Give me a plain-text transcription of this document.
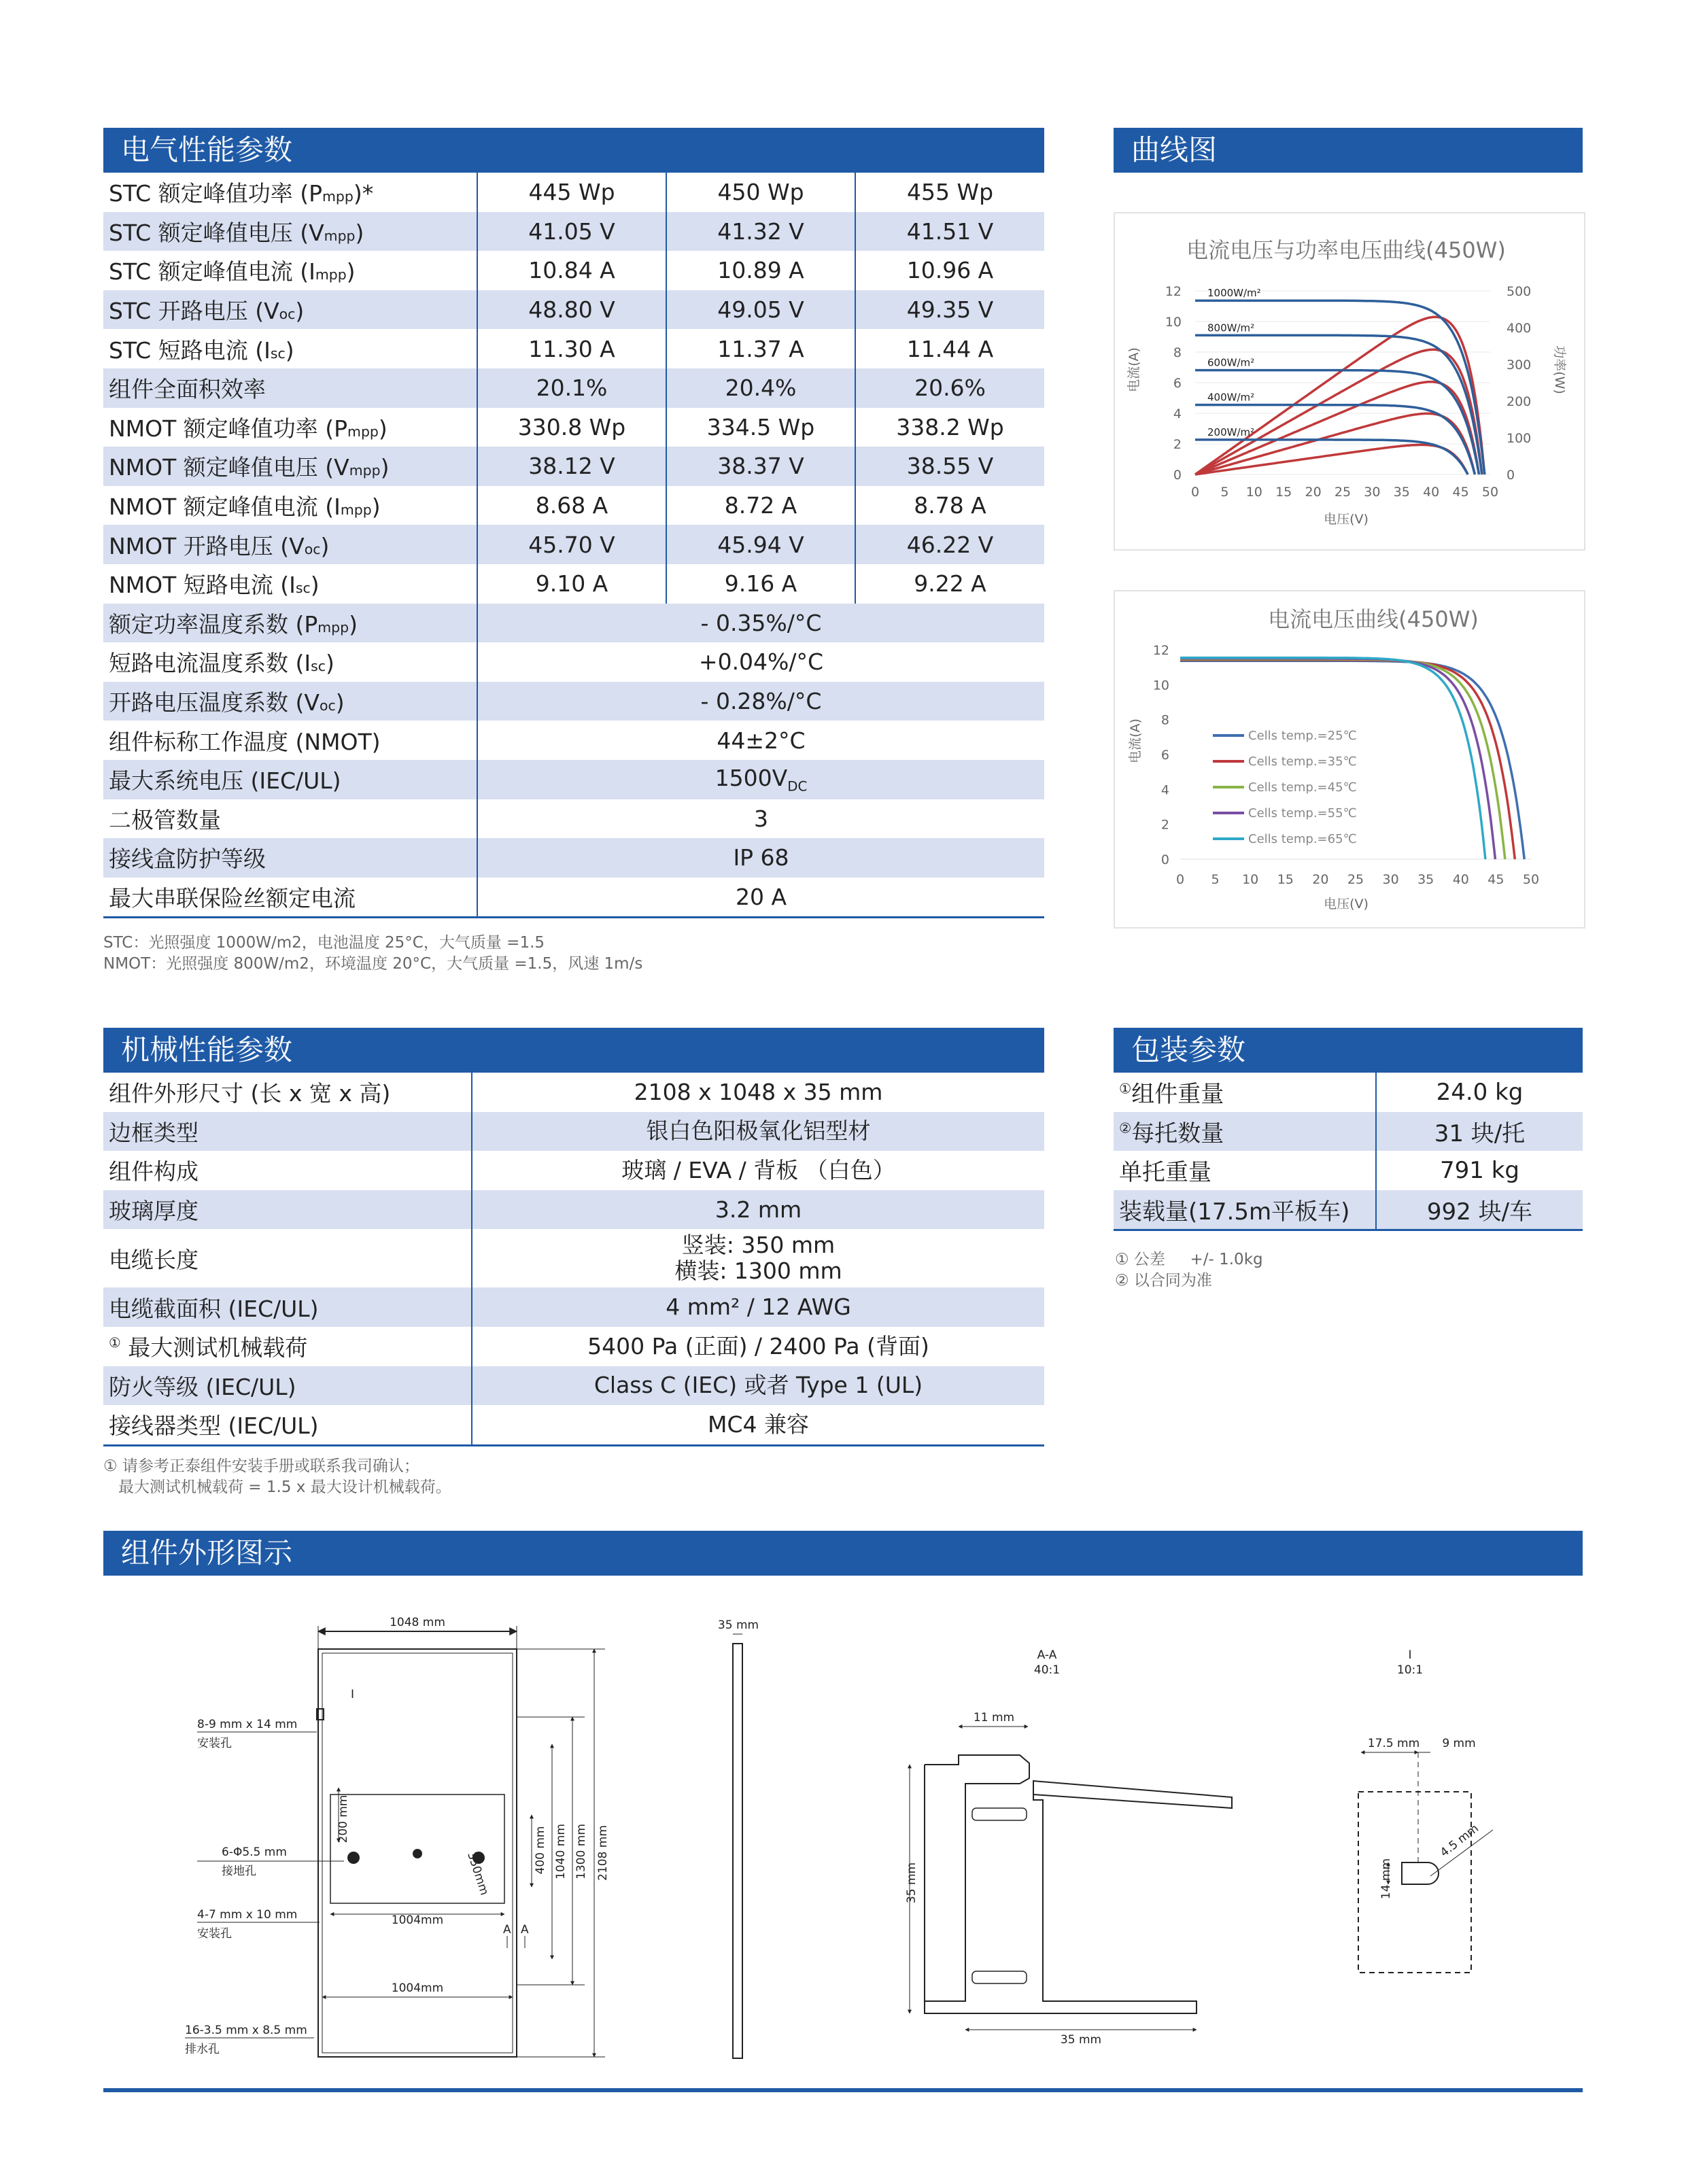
电气性能参数
STC 额定峰值功率 (Pmpp)*	445 Wp	450 Wp	455 Wp
STC 额定峰值电压 (Vmpp)	41.05 V	41.32 V	41.51 V
STC 额定峰值电流 (Impp)	10.84 A	10.89 A	10.96 A
STC 开路电压 (Voc)	48.80 V	49.05 V	49.35 V
STC 短路电流 (Isc)	11.30 A	11.37 A	11.44 A
组件全面积效率	20.1%	20.4%	20.6%
NMOT 额定峰值功率 (Pmpp)	330.8 Wp	334.5 Wp	338.2 Wp
NMOT 额定峰值电压 (Vmpp)	38.12 V	38.37 V	38.55 V
NMOT 额定峰值电流 (Impp)	8.68 A	8.72 A	8.78 A
NMOT 开路电压 (Voc)	45.70 V	45.94 V	46.22 V
NMOT 短路电流 (Isc)	9.10 A	9.16 A	9.22 A
额定功率温度系数 (Pmpp)	- 0.35%/°C		
短路电流温度系数 (Isc)	+0.04%/°C		
开路电压温度系数 (Voc)	- 0.28%/°C		
组件标称工作温度 (NMOT)	44±2°C		
最大系统电压 (IEC/UL)	$1500V_{DC}$
二极管数量	3		
接线盒防护等级	IP 68		
最大串联保险丝额定电流	20 A		
STC：光照强度 1000W/m2，电池温度 25°C，大气质量 =1.5
NMOT：光照强度 800W/m2，环境温度 20°C，大气质量 =1.5，风速 1m/s
曲线图
电流电压与功率电压曲线(450W)
0
2
4
6
8
10
12
0
100
200
300
400
500
0 5 10 15 20 25 30 35 40 45 50
电流(A)	功率(W)
电压(V)
1000W/m²
800W/m²
600W/m²
400W/m²
200W/m²
电流电压曲线(450W)
0
2
4
6
8
10
12
0 5 10 15 20 25 30 35 40 45 50
电流(A)
电压(V)
Cells temp.=25℃
Cells temp.=35℃
Cells temp.=45℃
Cells temp.=55℃
Cells temp.=65℃
机械性能参数
组件外形尺寸 (长 x 宽 x 高)	2108 x 1048 x 35 mm

边框类型	银白色阳极氧化铝型材

组件构成	玻璃 / EVA / 背板 （白色）

玻璃厚度	3.2 mm

电缆长度	竖装: 350 mm
横装: 1300 mm

电缆截面积 (IEC/UL)	4 mm² / 12 AWG

① 最大测试机械载荷	5400 Pa (正面) / 2400 Pa (背面)

防火等级 (IEC/UL)	Class C (IEC) 或者 Type 1 (UL)

接线器类型 (IEC/UL)	MC4 兼容
① 请参考正泰组件安装手册或联系我司确认；
最大测试机械载荷 = 1.5 x 最大设计机械载荷。
包装参数
①组件重量	24.0 kg
②每托数量	31 块/托
单托重量	791 kg
装载量(17.5m平板车)	992 块/车
① 公差     +/- 1.0kg
② 以合同为准
组件外形图示
1048 mm
I
8-9 mm x 14 mm
安装孔
6-Φ5.5 mm
接地孔
4-7 mm x 10 mm
安装孔
16-3.5 mm x 8.5 mm
排水孔
200 mm
350mm
1004mm
1004mm
400 mm 1040 mm 1300 mm 2108 mm
A A
35 mm
A-A
40:1
11 mm
35 mm
35 mm
I
10:1
17.5 mm 9 mm
14 mm
4.5 mm
